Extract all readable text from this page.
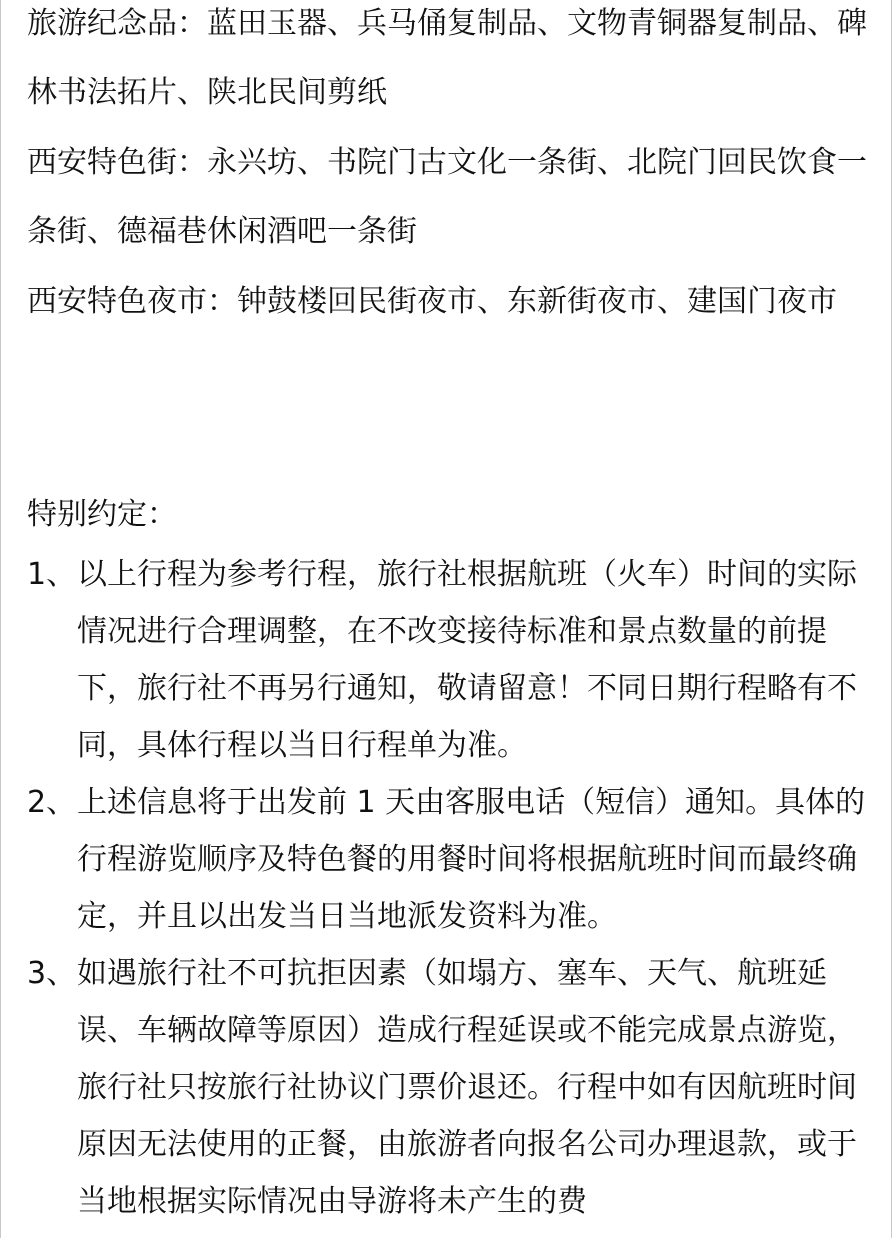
旅游纪念品：蓝田玉器、兵马俑复制品、文物青铜器复制品、碑林书法拓片、陕北民间剪纸

西安特色街：永兴坊、书院门古文化一条街、北院门回民饮食一条街、德福巷休闲酒吧一条街

西安特色夜市：钟鼓楼回民街夜市、东新街夜市、建国门夜市

特别约定：

1、 以上行程为参考行程，旅行社根据航班（火车）时间的实际情况进行合理调整，在不改变接待标准和景点数量的前提下，旅行社不再另行通知，敬请留意！不同日期行程略有不同，具体行程以当日行程单为准。
2、 上述信息将于出发前 1 天由客服电话（短信）通知。具体的行程游览顺序及特色餐的用餐时间将根据航班时间而最终确定，并且以出发当日当地派发资料为准。
3、 如遇旅行社不可抗拒因素（如塌方、塞车、天气、航班延误、车辆故障等原因）造成行程延误或不能完成景点游览，旅行社只按旅行社协议门票价退还。行程中如有因航班时间原因无法使用的正餐，由旅游者向报名公司办理退款，或于当地根据实际情况由导游将未产生的费
